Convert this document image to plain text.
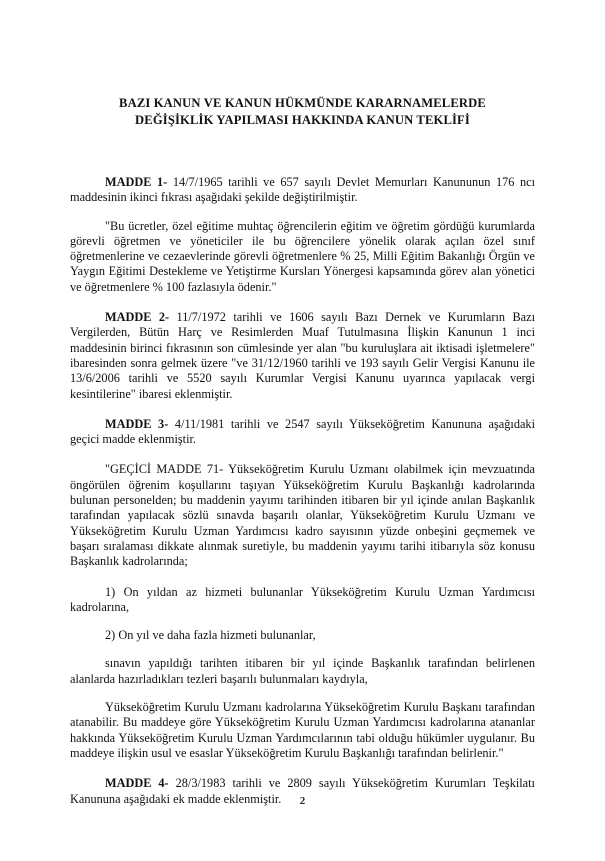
BAZI KANUN VE KANUN HÜKMÜNDE KARARNAMELERDE
DEĞİŞİKLİK YAPILMASI HAKKINDA KANUN TEKLİFİ

MADDE 1- 14/7/1965 tarihli ve 657 sayılı Devlet Memurları Kanununun 176 ncı maddesinin ikinci fıkrası aşağıdaki şekilde değiştirilmiştir.

"Bu ücretler, özel eğitime muhtaç öğrencilerin eğitim ve öğretim gördüğü kurumlarda görevli öğretmen ve yöneticiler ile bu öğrencilere yönelik olarak açılan özel sınıf öğretmenlerine ve cezaevlerinde görevli öğretmenlere % 25, Milli Eğitim Bakanlığı Örgün ve Yaygın Eğitimi Destekleme ve Yetiştirme Kursları Yönergesi kapsamında görev alan yönetici ve öğretmenlere % 100 fazlasıyla ödenir."

MADDE 2- 11/7/1972 tarihli ve 1606 sayılı Bazı Dernek ve Kurumların Bazı Vergilerden, Bütün Harç ve Resimlerden Muaf Tutulmasına İlişkin Kanunun 1 inci maddesinin birinci fıkrasının son cümlesinde yer alan "bu kuruluşlara ait iktisadi işletmelere" ibaresinden sonra gelmek üzere "ve 31/12/1960 tarihli ve 193 sayılı Gelir Vergisi Kanunu ile 13/6/2006 tarihli ve 5520 sayılı Kurumlar Vergisi Kanunu uyarınca yapılacak vergi kesintilerine" ibaresi eklenmiştir.

MADDE 3- 4/11/1981 tarihli ve 2547 sayılı Yükseköğretim Kanununa aşağıdaki geçici madde eklenmiştir.

"GEÇİCİ MADDE 71- Yükseköğretim Kurulu Uzmanı olabilmek için mevzuatında öngörülen öğrenim koşullarını taşıyan Yükseköğretim Kurulu Başkanlığı kadrolarında bulunan personelden; bu maddenin yayımı tarihinden itibaren bir yıl içinde anılan Başkanlık tarafından yapılacak sözlü sınavda başarılı olanlar, Yükseköğretim Kurulu Uzmanı ve Yükseköğretim Kurulu Uzman Yardımcısı kadro sayısının yüzde onbeşini geçmemek ve başarı sıralaması dikkate alınmak suretiyle, bu maddenin yayımı tarihi itibarıyla söz konusu Başkanlık kadrolarında;

1) On yıldan az hizmeti bulunanlar Yükseköğretim Kurulu Uzman Yardımcısı kadrolarına,

2) On yıl ve daha fazla hizmeti bulunanlar,

sınavın yapıldığı tarihten itibaren bir yıl içinde Başkanlık tarafından belirlenen alanlarda hazırladıkları tezleri başarılı bulunmaları kaydıyla,

Yükseköğretim Kurulu Uzmanı kadrolarına Yükseköğretim Kurulu Başkanı tarafından atanabilir. Bu maddeye göre Yükseköğretim Kurulu Uzman Yardımcısı kadrolarına atananlar hakkında Yükseköğretim Kurulu Uzman Yardımcılarının tabi olduğu hükümler uygulanır. Bu maddeye ilişkin usul ve esaslar Yükseköğretim Kurulu Başkanlığı tarafından belirlenir."

MADDE 4- 28/3/1983 tarihli ve 2809 sayılı Yükseköğretim Kurumları Teşkilatı Kanununa aşağıdaki ek madde eklenmiştir.	2
